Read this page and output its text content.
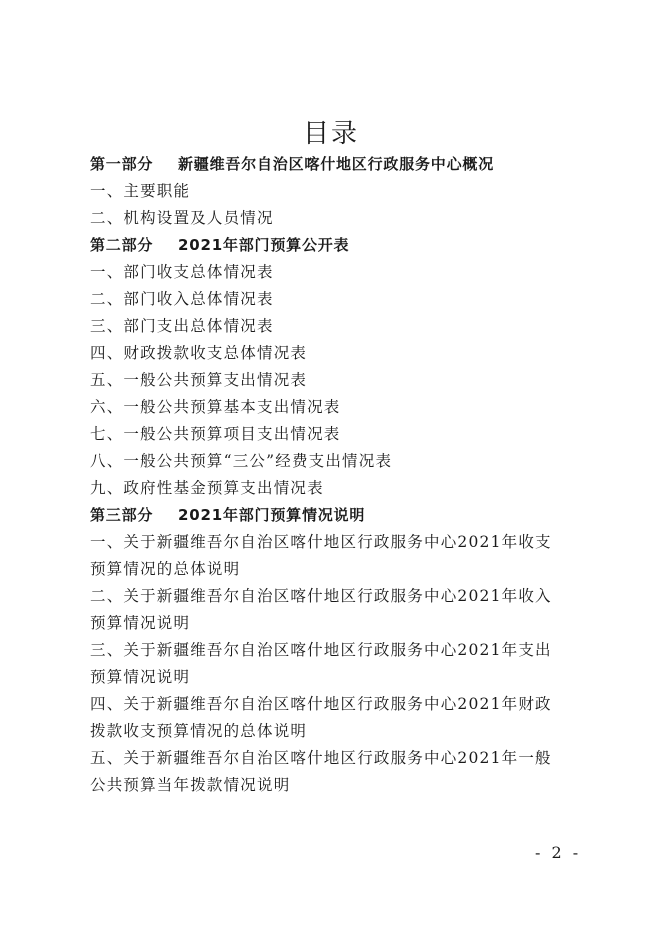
目录
第一部分 新疆维吾尔自治区喀什地区行政服务中心概况
一、主要职能
二、机构设置及人员情况
第二部分 2021年部门预算公开表
一、部门收支总体情况表
二、部门收入总体情况表
三、部门支出总体情况表
四、财政拨款收支总体情况表
五、一般公共预算支出情况表
六、一般公共预算基本支出情况表
七、一般公共预算项目支出情况表
八、一般公共预算“三公”经费支出情况表
九、政府性基金预算支出情况表
第三部分 2021年部门预算情况说明
一、关于新疆维吾尔自治区喀什地区行政服务中心2021年收支
预算情况的总体说明
二、关于新疆维吾尔自治区喀什地区行政服务中心2021年收入
预算情况说明
三、关于新疆维吾尔自治区喀什地区行政服务中心2021年支出
预算情况说明
四、关于新疆维吾尔自治区喀什地区行政服务中心2021年财政
拨款收支预算情况的总体说明
五、关于新疆维吾尔自治区喀什地区行政服务中心2021年一般
公共预算当年拨款情况说明
- 2 -
